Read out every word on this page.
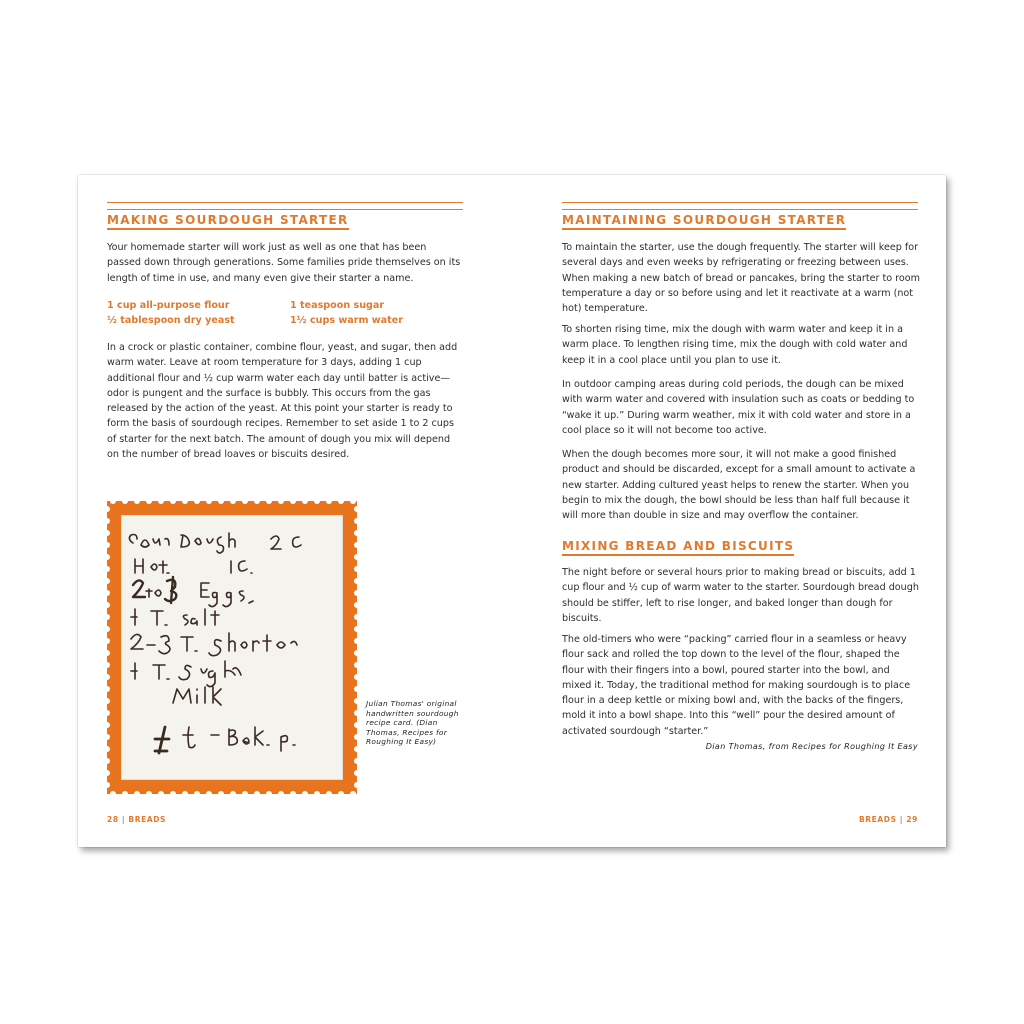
MAKING SOURDOUGH STARTER

Your homemade starter will work just as well as one that has been passed down through generations. Some families pride themselves on its length of time in use, and many even give their starter a name.

1 cup all-purpose flour	1 teaspoon sugar
½ tablespoon dry yeast	1½ cups warm water

In a crock or plastic container, combine flour, yeast, and sugar, then add warm water. Leave at room temperature for 3 days, adding 1 cup additional flour and ½ cup warm water each day until batter is active—odor is pungent and the surface is bubbly. This occurs from the gas released by the action of the yeast. At this point your starter is ready to form the basis of sourdough recipes. Remember to set aside 1 to 2 cups of starter for the next batch. The amount of dough you mix will depend on the number of bread loaves or biscuits desired.

Julian Thomas' original handwritten sourdough recipe card. (Dian Thomas, Recipes for Roughing It Easy)
28 | BREADS
MAINTAINING SOURDOUGH STARTER

To maintain the starter, use the dough frequently. The starter will keep for several days and even weeks by refrigerating or freezing between uses. When making a new batch of bread or pancakes, bring the starter to room temperature a day or so before using and let it reactivate at a warm (not hot) temperature.

To shorten rising time, mix the dough with warm water and keep it in a warm place. To lengthen rising time, mix the dough with cold water and keep it in a cool place until you plan to use it.

In outdoor camping areas during cold periods, the dough can be mixed with warm water and covered with insulation such as coats or bedding to “wake it up.” During warm weather, mix it with cold water and store in a cool place so it will not become too active.

When the dough becomes more sour, it will not make a good finished product and should be discarded, except for a small amount to activate a new starter. Adding cultured yeast helps to renew the starter. When you begin to mix the dough, the bowl should be less than half full because it will more than double in size and may overflow the container.

MIXING BREAD AND BISCUITS

The night before or several hours prior to making bread or biscuits, add 1 cup flour and ½ cup of warm water to the starter. Sourdough bread dough should be stiffer, left to rise longer, and baked longer than dough for biscuits.

The old-timers who were “packing” carried flour in a seamless or heavy flour sack and rolled the top down to the level of the flour, shaped the flour with their fingers into a bowl, poured starter into the bowl, and mixed it. Today, the traditional method for making sourdough is to place flour in a deep kettle or mixing bowl and, with the backs of the fingers, mold it into a bowl shape. Into this “well” pour the desired amount of activated sourdough “starter.”

Dian Thomas, from Recipes for Roughing It Easy
BREADS | 29
